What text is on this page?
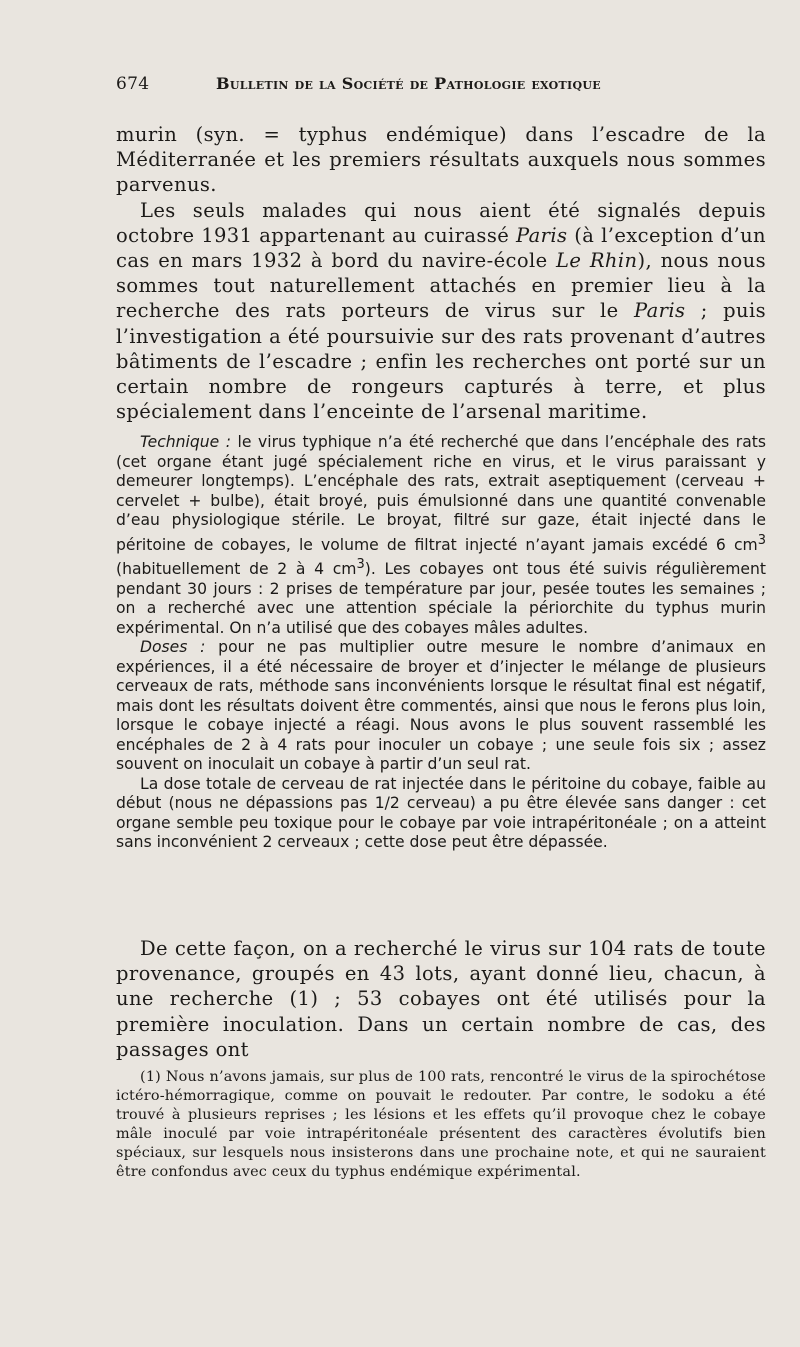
674	Bulletin de la Société de Pathologie exotique

murin (syn. = typhus endémique) dans l’escadre de la Méditerranée et les premiers résultats auxquels nous sommes parvenus.

Les seuls malades qui nous aient été signalés depuis octobre 1931 appartenant au cuirassé Paris (à l’exception d’un cas en mars 1932 à bord du navire-école Le Rhin), nous nous sommes tout naturellement attachés en premier lieu à la recherche des rats porteurs de virus sur le Paris ; puis l’investigation a été poursuivie sur des rats provenant d’autres bâtiments de l’escadre ; enfin les recherches ont porté sur un certain nombre de rongeurs capturés à terre, et plus spécialement dans l’enceinte de l’arsenal maritime.

Technique : le virus typhique n’a été recherché que dans l’encéphale des rats (cet organe étant jugé spécialement riche en virus, et le virus paraissant y demeurer longtemps). L’encéphale des rats, extrait aseptiquement (cerveau + cervelet + bulbe), était broyé, puis émulsionné dans une quantité convenable d’eau physiologique stérile. Le broyat, filtré sur gaze, était injecté dans le péritoine de cobayes, le volume de filtrat injecté n’ayant jamais excédé 6 $cm^3$ (habituellement de 2 à 4 $cm^3$). Les cobayes ont tous été suivis régulièrement pendant 30 jours : 2 prises de température par jour, pesée toutes les semaines ; on a recherché avec une attention spéciale la périorchite du typhus murin expérimental. On n’a utilisé que des cobayes mâles adultes.

Doses : pour ne pas multiplier outre mesure le nombre d’animaux en expériences, il a été nécessaire de broyer et d’injecter le mélange de plusieurs cerveaux de rats, méthode sans inconvénients lorsque le résultat final est négatif, mais dont les résultats doivent être commentés, ainsi que nous le ferons plus loin, lorsque le cobaye injecté a réagi. Nous avons le plus souvent rassemblé les encéphales de 2 à 4 rats pour inoculer un cobaye ; une seule fois six ; assez souvent on inoculait un cobaye à partir d’un seul rat.

La dose totale de cerveau de rat injectée dans le péritoine du cobaye, faible au début (nous ne dépassions pas 1/2 cerveau) a pu être élevée sans danger : cet organe semble peu toxique pour le cobaye par voie intrapéritonéale ; on a atteint sans inconvénient 2 cerveaux ; cette dose peut être dépassée.

De cette façon, on a recherché le virus sur 104 rats de toute provenance, groupés en 43 lots, ayant donné lieu, chacun, à une recherche (1) ; 53 cobayes ont été utilisés pour la première inoculation. Dans un certain nombre de cas, des passages ont

(1) Nous n’avons jamais, sur plus de 100 rats, rencontré le virus de la spirochétose ictéro-hémorragique, comme on pouvait le redouter. Par contre, le sodoku a été trouvé à plusieurs reprises ; les lésions et les effets qu’il provoque chez le cobaye mâle inoculé par voie intrapéritonéale présentent des caractères évolutifs bien spéciaux, sur lesquels nous insisterons dans une prochaine note, et qui ne sauraient être confondus avec ceux du typhus endémique expérimental.
